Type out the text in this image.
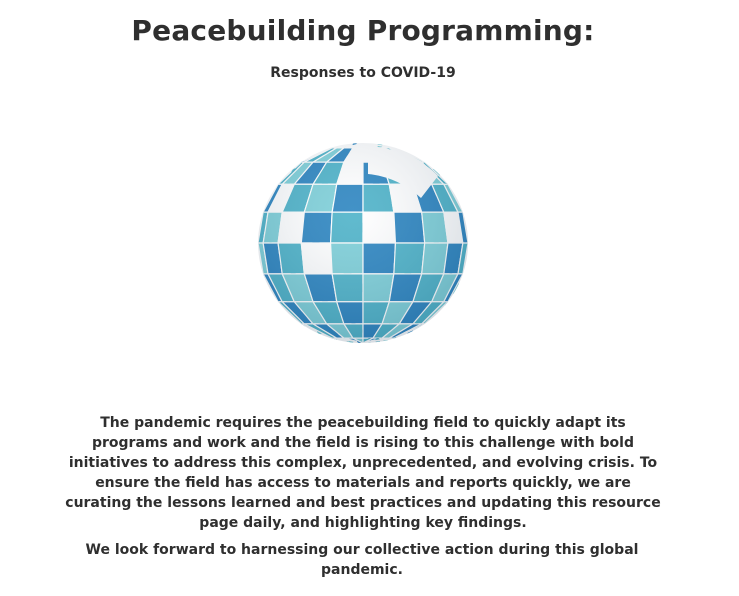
Peacebuilding Programming:

Responses to COVID-19

The pandemic requires the peacebuilding field to quickly adapt its programs and work and the field is rising to this challenge with bold initiatives to address this complex, unprecedented, and evolving crisis. To ensure the field has access to materials and reports quickly, we are curating the lessons learned and best practices and updating this resource page daily, and highlighting key findings.

We look forward to harnessing our collective action during this global pandemic.
